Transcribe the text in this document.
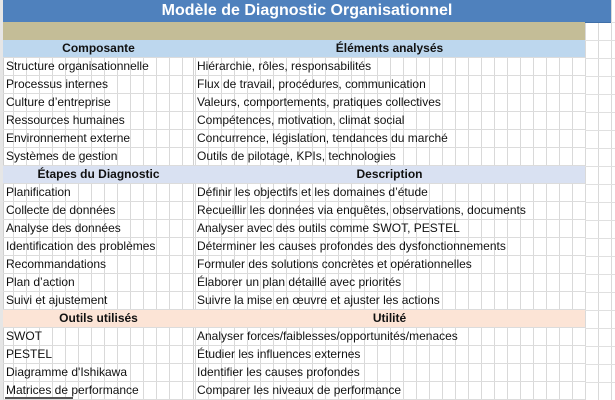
Modèle de Diagnostic Organisationnel
Composante	Éléments analysés
Structure organisationnelle	Hiérarchie, rôles, responsabilités
Processus internes	Flux de travail, procédures, communication
Culture d’entreprise	Valeurs, comportements, pratiques collectives
Ressources humaines	Compétences, motivation, climat social
Environnement externe	Concurrence, législation, tendances du marché
Systèmes de gestion	Outils de pilotage, KPIs, technologies
Étapes du Diagnostic	Description
Planification	Définir les objectifs et les domaines d’étude
Collecte de données	Recueillir les données via enquêtes, observations, documents
Analyse des données	Analyser avec des outils comme SWOT, PESTEL
Identification des problèmes	Déterminer les causes profondes des dysfonctionnements
Recommandations	Formuler des solutions concrètes et opérationnelles
Plan d’action	Élaborer un plan détaillé avec priorités
Suivi et ajustement	Suivre la mise en œuvre et ajuster les actions
Outils utilisés	Utilité
SWOT	Analyser forces/faiblesses/opportunités/menaces
PESTEL	Étudier les influences externes
Diagramme d'Ishikawa	Identifier les causes profondes
Matrices de performance	Comparer les niveaux de performance
